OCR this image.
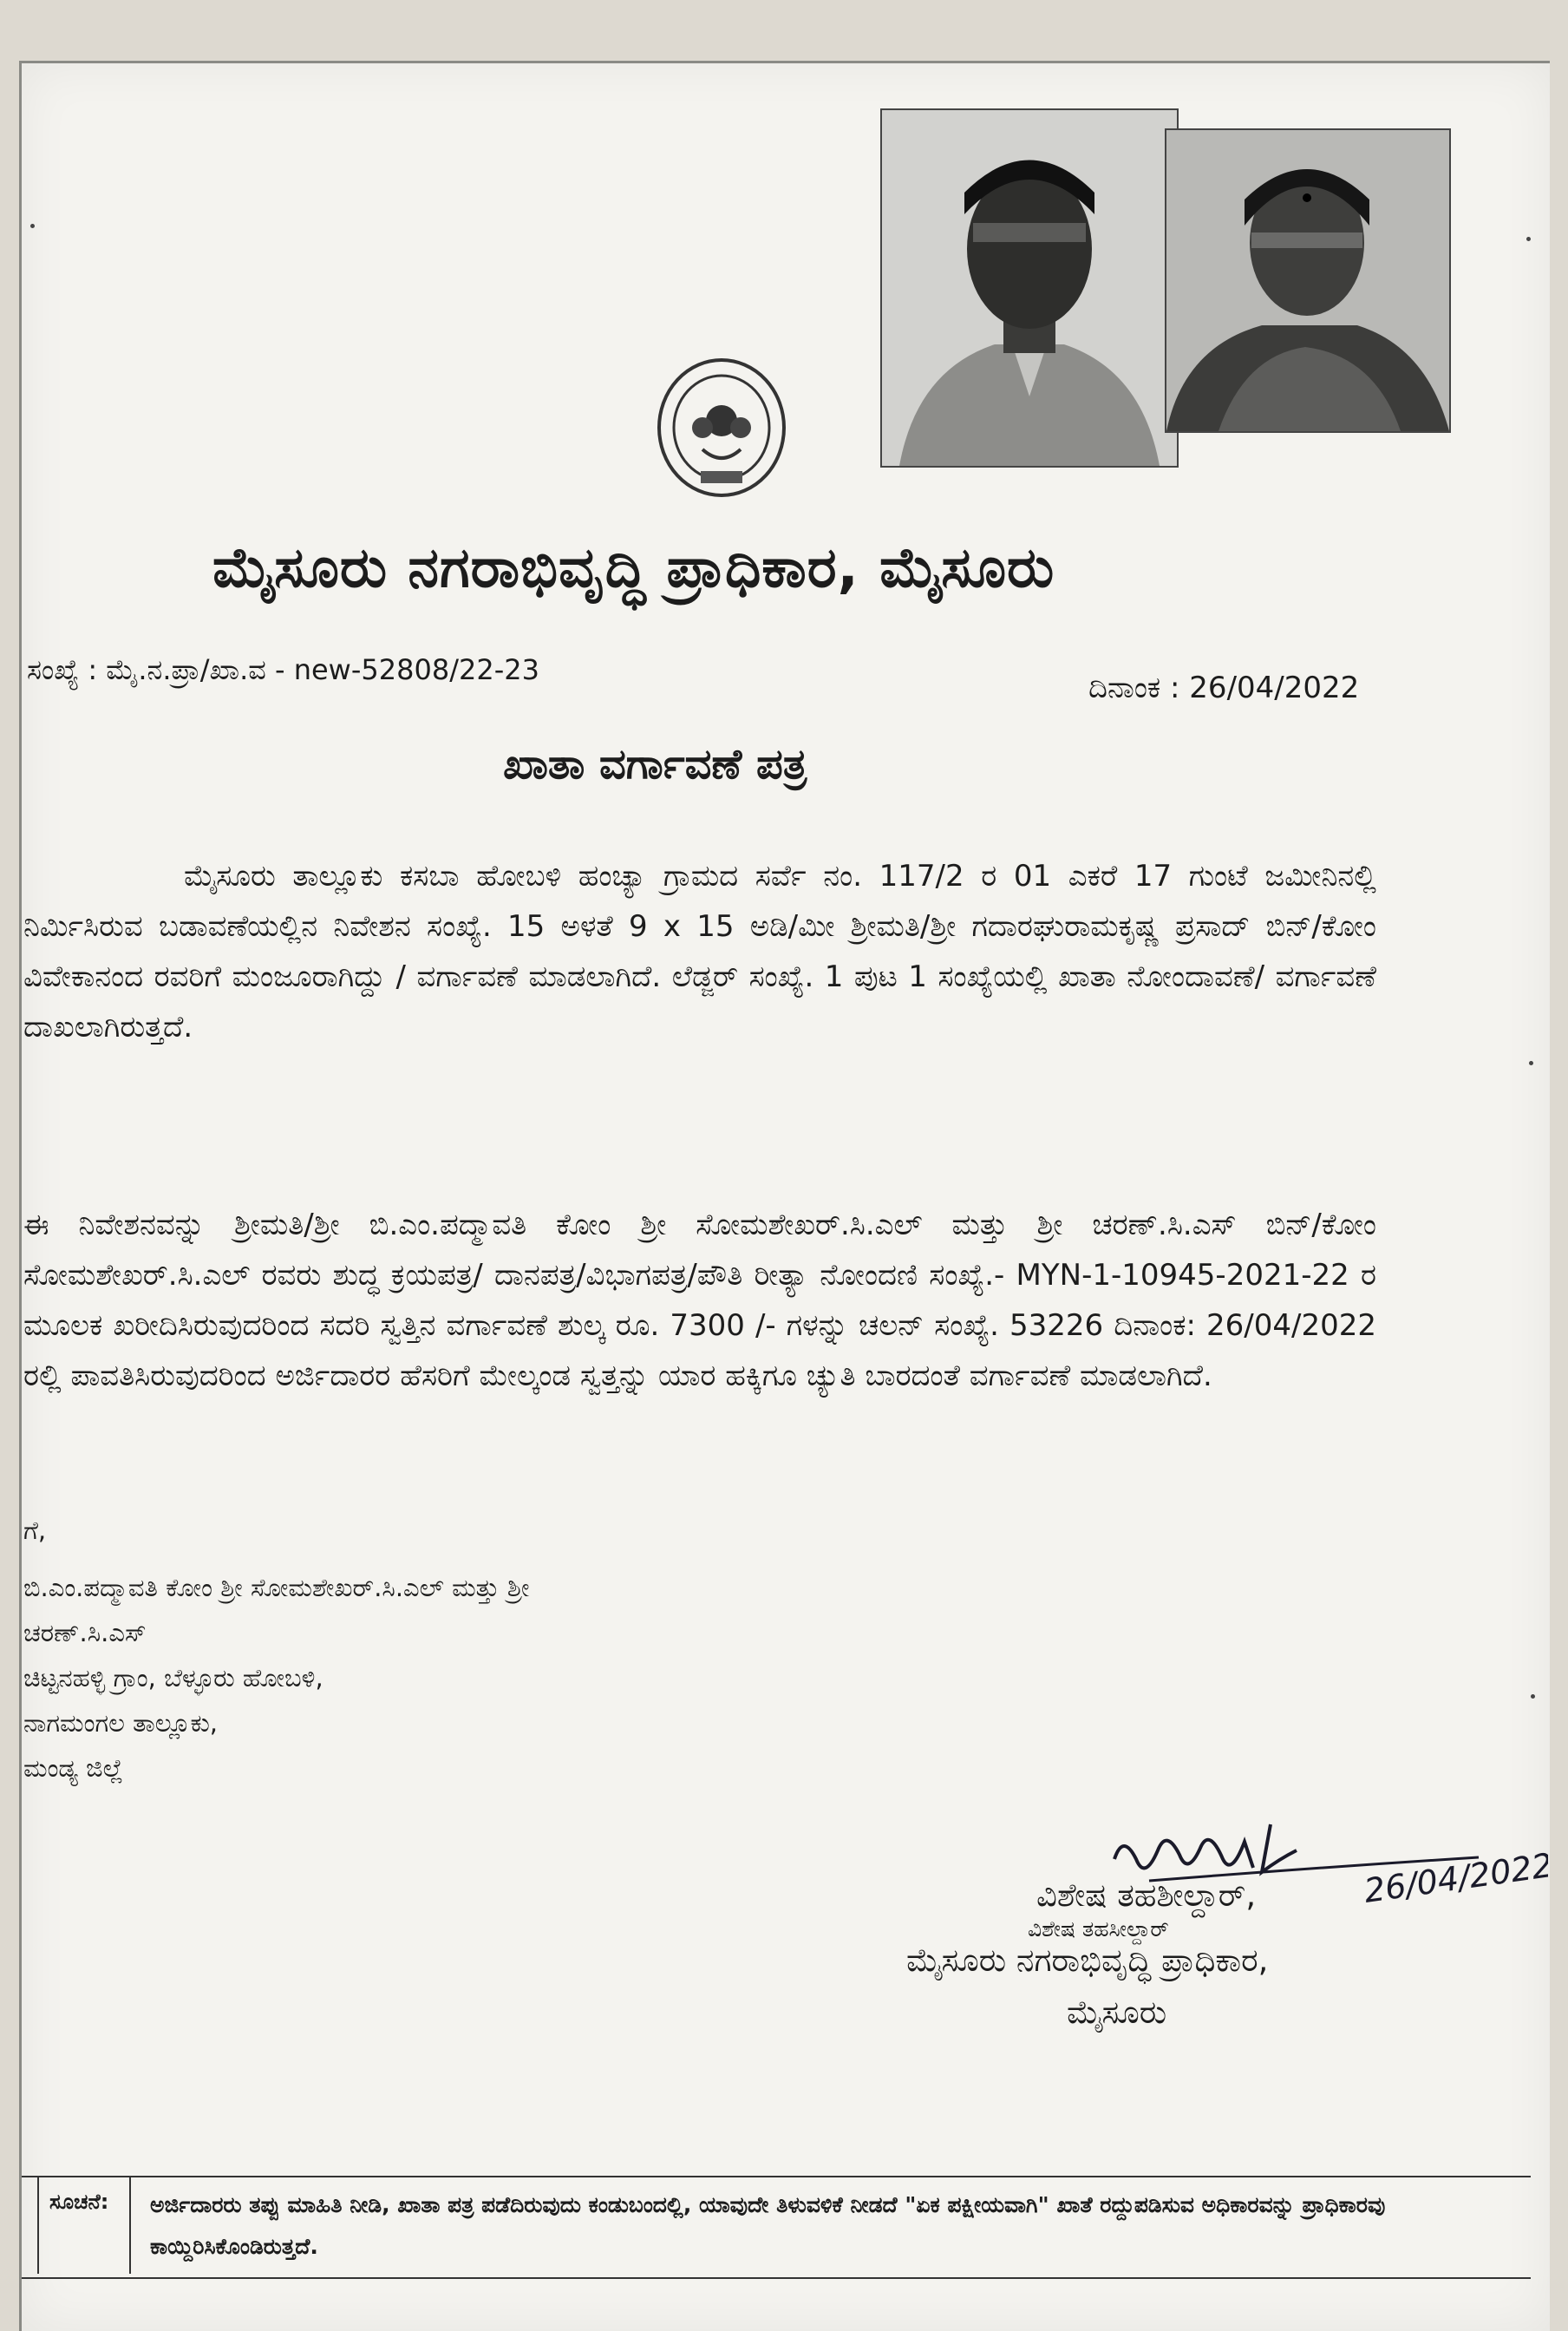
ಮೈಸೂರು ನಗರಾಭಿವೃದ್ಧಿ ಪ್ರಾಧಿಕಾರ, ಮೈಸೂರು
ಸಂಖ್ಯೆ : ಮೈ.ನ.ಪ್ರಾ/ಖಾ.ವ - new-52808/22-23
ದಿನಾಂಕ : 26/04/2022
ಖಾತಾ ವರ್ಗಾವಣೆ ಪತ್ರ
ಮೈಸೂರು ತಾಲ್ಲೂಕು ಕಸಬಾ ಹೋಬಳಿ ಹಂಚ್ಯಾ ಗ್ರಾಮದ ಸರ್ವೆ ನಂ. 117/2 ರ 01 ಎಕರೆ 17 ಗುಂಟೆ ಜಮೀನಿನಲ್ಲಿ ನಿರ್ಮಿಸಿರುವ ಬಡಾವಣೆಯಲ್ಲಿನ ನಿವೇಶನ ಸಂಖ್ಯೆ. 15 ಅಳತೆ 9 x 15 ಅಡಿ/ಮೀ ಶ್ರೀಮತಿ/ಶ್ರೀ ಗದಾರಘುರಾಮಕೃಷ್ಣ ಪ್ರಸಾದ್ ಬಿನ್/ಕೋಂ ವಿವೇಕಾನಂದ ರವರಿಗೆ ಮಂಜೂರಾಗಿದ್ದು / ವರ್ಗಾವಣೆ ಮಾಡಲಾಗಿದೆ. ಲೆಡ್ಜರ್ ಸಂಖ್ಯೆ. 1 ಪುಟ 1 ಸಂಖ್ಯೆಯಲ್ಲಿ ಖಾತಾ ನೋಂದಾವಣೆ/ ವರ್ಗಾವಣೆ ದಾಖಲಾಗಿರುತ್ತದೆ.
ಈ ನಿವೇಶನವನ್ನು ಶ್ರೀಮತಿ/ಶ್ರೀ ಬಿ.ಎಂ.ಪದ್ಮಾವತಿ ಕೋಂ ಶ್ರೀ ಸೋಮಶೇಖರ್.ಸಿ.ಎಲ್ ಮತ್ತು ಶ್ರೀ ಚರಣ್.ಸಿ.ಎಸ್ ಬಿನ್/ಕೋಂ ಸೋಮಶೇಖರ್.ಸಿ.ಎಲ್ ರವರು ಶುದ್ಧ ಕ್ರಯಪತ್ರ/ ದಾನಪತ್ರ/ವಿಭಾಗಪತ್ರ/ಪೌತಿ ರೀತ್ಯಾ ನೋಂದಣಿ ಸಂಖ್ಯೆ.- MYN-1-10945-2021-22 ರ ಮೂಲಕ ಖರೀದಿಸಿರುವುದರಿಂದ ಸದರಿ ಸ್ವತ್ತಿನ ವರ್ಗಾವಣೆ ಶುಲ್ಕ ರೂ. 7300 /- ಗಳನ್ನು ಚಲನ್ ಸಂಖ್ಯೆ. 53226 ದಿನಾಂಕ: 26/04/2022 ರಲ್ಲಿ ಪಾವತಿಸಿರುವುದರಿಂದ ಅರ್ಜಿದಾರರ ಹೆಸರಿಗೆ ಮೇಲ್ಕಂಡ ಸ್ವತ್ತನ್ನು ಯಾರ ಹಕ್ಕಿಗೂ ಚ್ಯುತಿ ಬಾರದಂತೆ ವರ್ಗಾವಣೆ ಮಾಡಲಾಗಿದೆ.
ಗೆ,
ಬಿ.ಎಂ.ಪದ್ಮಾವತಿ ಕೋಂ ಶ್ರೀ ಸೋಮಶೇಖರ್.ಸಿ.ಎಲ್ ಮತ್ತು ಶ್ರೀ
ಚರಣ್.ಸಿ.ಎಸ್
ಚಿಟ್ಟನಹಳ್ಳಿ ಗ್ರಾಂ, ಬೆಳ್ಳೂರು ಹೋಬಳಿ,
ನಾಗಮಂಗಲ ತಾಲ್ಲೂಕು,
ಮಂಡ್ಯ ಜಿಲ್ಲೆ
26/04/2022
ವಿಶೇಷ ತಹಶೀಲ್ದಾರ್,
ವಿಶೇಷ ತಹಸೀಲ್ದಾರ್
ಮೈಸೂರು ನಗರಾಭಿವೃದ್ಧಿ ಪ್ರಾಧಿಕಾರ,
ಮೈಸೂರು
ಸೂಚನೆ:	ಅರ್ಜಿದಾರರು ತಪ್ಪು ಮಾಹಿತಿ ನೀಡಿ, ಖಾತಾ ಪತ್ರ ಪಡೆದಿರುವುದು ಕಂಡುಬಂದಲ್ಲಿ, ಯಾವುದೇ ತಿಳುವಳಿಕೆ ನೀಡದೆ "ಏಕ ಪಕ್ಷೀಯವಾಗಿ" ಖಾತೆ ರದ್ದುಪಡಿಸುವ ಅಧಿಕಾರವನ್ನು ಪ್ರಾಧಿಕಾರವು ಕಾಯ್ದಿರಿಸಿಕೊಂಡಿರುತ್ತದೆ.
